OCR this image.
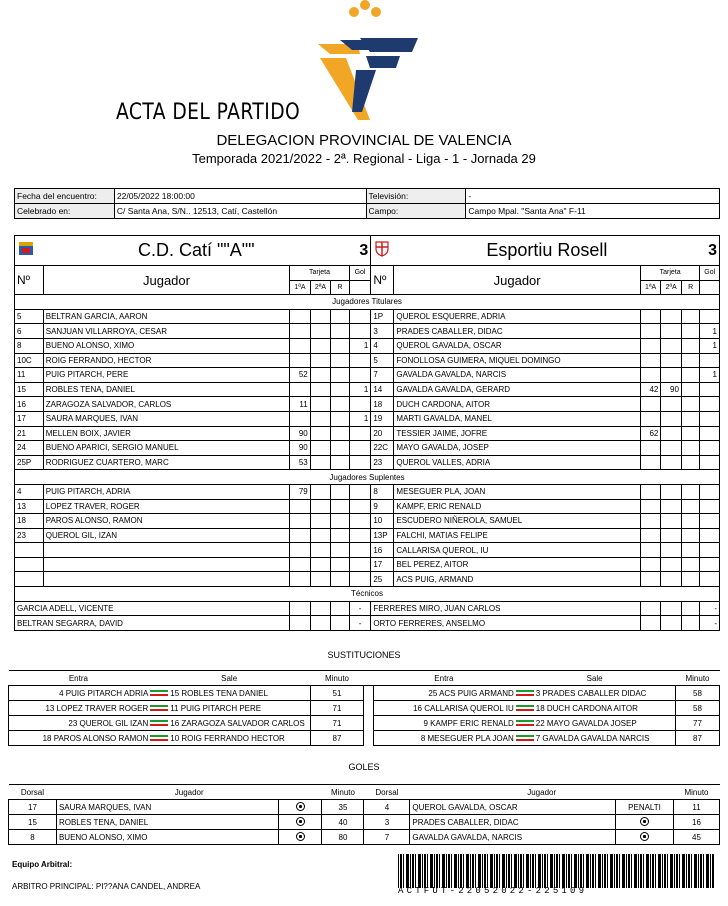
ACTA DEL PARTIDO
DELEGACION PROVINCIAL DE VALENCIA
Temporada 2021/2022 - 2ª. Regional - Liga - 1 - Jornada 29
Fecha del encuentro:	22/05/2022 18:00:00	Televisión:	-
Celebrado en:	C/ Santa Ana, S/N.. 12513, Catí, Castellón	Campo:	Campo Mpal. "Santa Ana" F-11
	C.D. Catí ""A""				3		Esportiu Rosell				3
Nº	Jugador	Tarjeta			Gol	Nº	Jugador	Tarjeta			Gol
		1ªA	2ªA	R				1ªA	2ªA	R	
Jugadores Titulares											
5	BELTRAN GARCIA, AARON					1P	QUEROL ESQUERRE, ADRIA				
6	SANJUAN VILLARROYA, CESAR					3	PRADES CABALLER, DIDAC				1
8	BUENO ALONSO, XIMO				1	4	QUEROL GAVALDA, OSCAR				1
10C	ROIG FERRANDO, HECTOR					5	FONOLLOSA GUIMERA, MIQUEL DOMINGO				
11	PUIG PITARCH, PERE	52				7	GAVALDA GAVALDA, NARCIS				1
15	ROBLES TENA, DANIEL				1	14	GAVALDA GAVALDA, GERARD	42	90		
16	ZARAGOZA SALVADOR, CARLOS	11				18	DUCH CARDONA, AITOR				
17	SAURA MARQUES, IVAN				1	19	MARTI GAVALDA, MANEL				
21	MELLEN BOIX, JAVIER	90				20	TESSIER JAIME, JOFRE	62			
24	BUENO APARICI, SERGIO MANUEL	90				22C	MAYO GAVALDA, JOSEP				
25P	RODRIGUEZ CUARTERO, MARC	53				23	QUEROL VALLES, ADRIA				
Jugadores Suplentes											
4	PUIG PITARCH, ADRIA	79				8	MESEGUER PLA, JOAN				
13	LOPEZ TRAVER, ROGER					9	KAMPF, ERIC RENALD				
18	PAROS ALONSO, RAMON					10	ESCUDERO NIÑEROLA, SAMUEL				
23	QUEROL GIL, IZAN					13P	FALCHI, MATIAS FELIPE				
						16	CALLARISA QUEROL, IU				
						17	BEL PEREZ, AITOR				
						25	ACS PUIG, ARMAND				
Técnicos											
GARCIA ADELL, VICENTE					-	FERRERES MIRO, JUAN CARLOS					-
BELTRAN SEGARRA, DAVID					-	ORTO FERRERES, ANSELMO					-
SUSTITUCIONES
Entra	Sale	Minuto		Entra	Sale	Minuto
4 PUIG PITARCH ADRIA	15 ROBLES TENA DANIEL	51		25 ACS PUIG ARMAND	3 PRADES CABALLER DIDAC	58
13 LOPEZ TRAVER ROGER	11 PUIG PITARCH PERE	71		16 CALLARISA QUEROL IU	18 DUCH CARDONA AITOR	58
23 QUEROL GIL IZAN	16 ZARAGOZA SALVADOR CARLOS	71		9 KAMPF ERIC RENALD	22 MAYO GAVALDA JOSEP	77
18 PAROS ALONSO RAMON	10 ROIG FERRANDO HECTOR	87		8 MESEGUER PLA JOAN	7 GAVALDA GAVALDA NARCIS	87
GOLES
Dorsal	Jugador		Minuto	Dorsal	Jugador		Minuto
17	SAURA MARQUES, IVAN		35	4	QUEROL GAVALDA, OSCAR	PENALTI	11
15	ROBLES TENA, DANIEL		40	3	PRADES CABALLER, DIDAC		16
8	BUENO ALONSO, XIMO		80	7	GAVALDA GAVALDA, NARCIS		45
Equipo Arbitral:
ARBITRO PRINCIPAL: PI??ANA CANDEL, ANDREA	ACTFUT-22052022-225109
